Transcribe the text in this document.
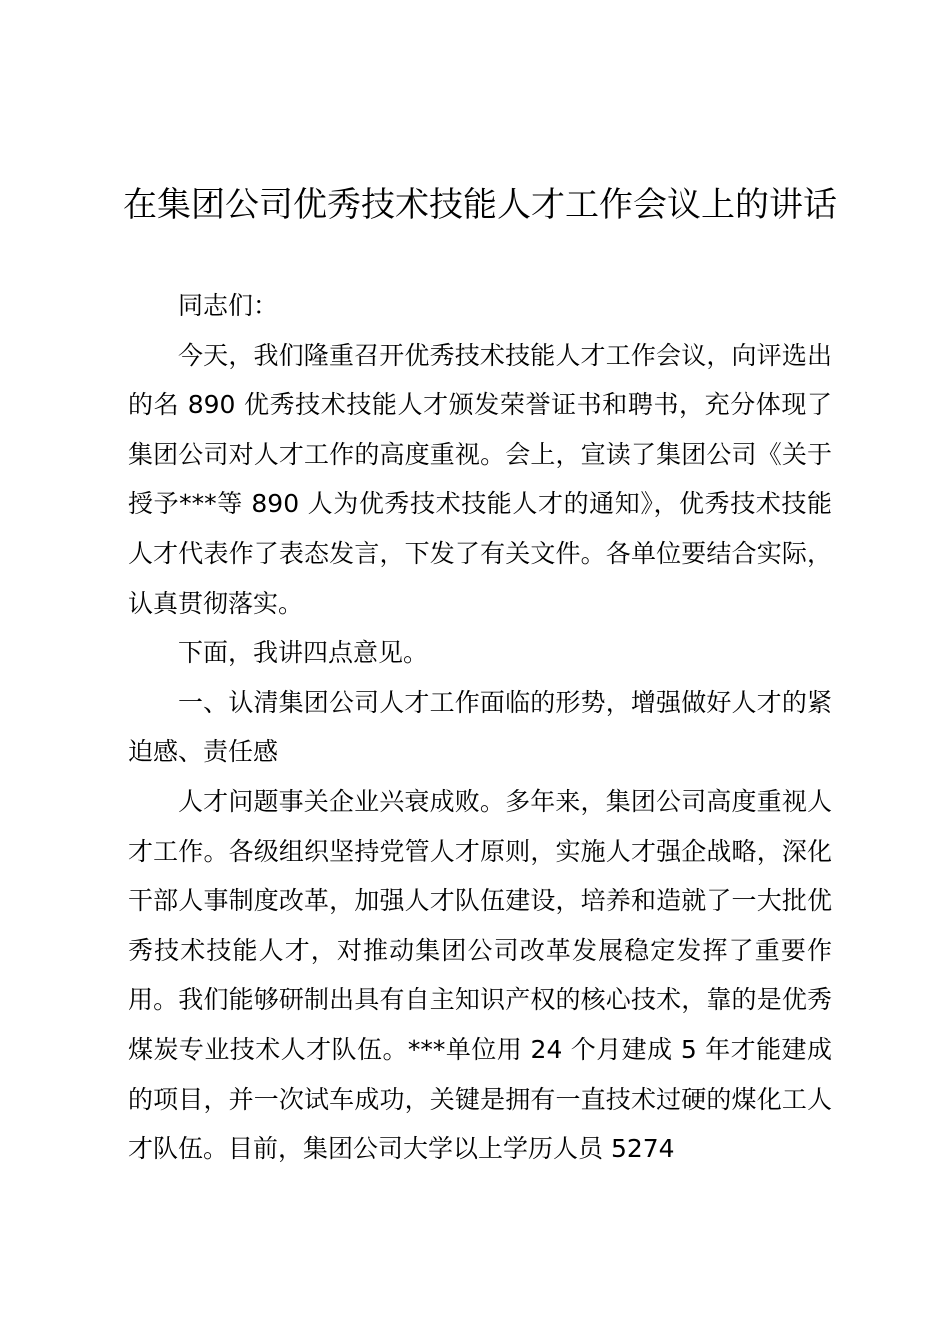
在集团公司优秀技术技能人才工作会议上的讲话

同志们：

今天，我们隆重召开优秀技术技能人才工作会议，向评选出的名 890 优秀技术技能人才颁发荣誉证书和聘书，充分体现了集团公司对人才工作的高度重视。会上，宣读了集团公司《关于授予***等 890 人为优秀技术技能人才的通知》，优秀技术技能人才代表作了表态发言，下发了有关文件。各单位要结合实际，认真贯彻落实。

下面，我讲四点意见。

一、认清集团公司人才工作面临的形势，增强做好人才的紧迫感、责任感

人才问题事关企业兴衰成败。多年来，集团公司高度重视人才工作。各级组织坚持党管人才原则，实施人才强企战略，深化干部人事制度改革，加强人才队伍建设，培养和造就了一大批优秀技术技能人才，对推动集团公司改革发展稳定发挥了重要作用。我们能够研制出具有自主知识产权的核心技术，靠的是优秀煤炭专业技术人才队伍。***单位用 24 个月建成 5 年才能建成的项目，并一次试车成功，关键是拥有一直技术过硬的煤化工人才队伍。目前，集团公司大学以上学历人员 5274
